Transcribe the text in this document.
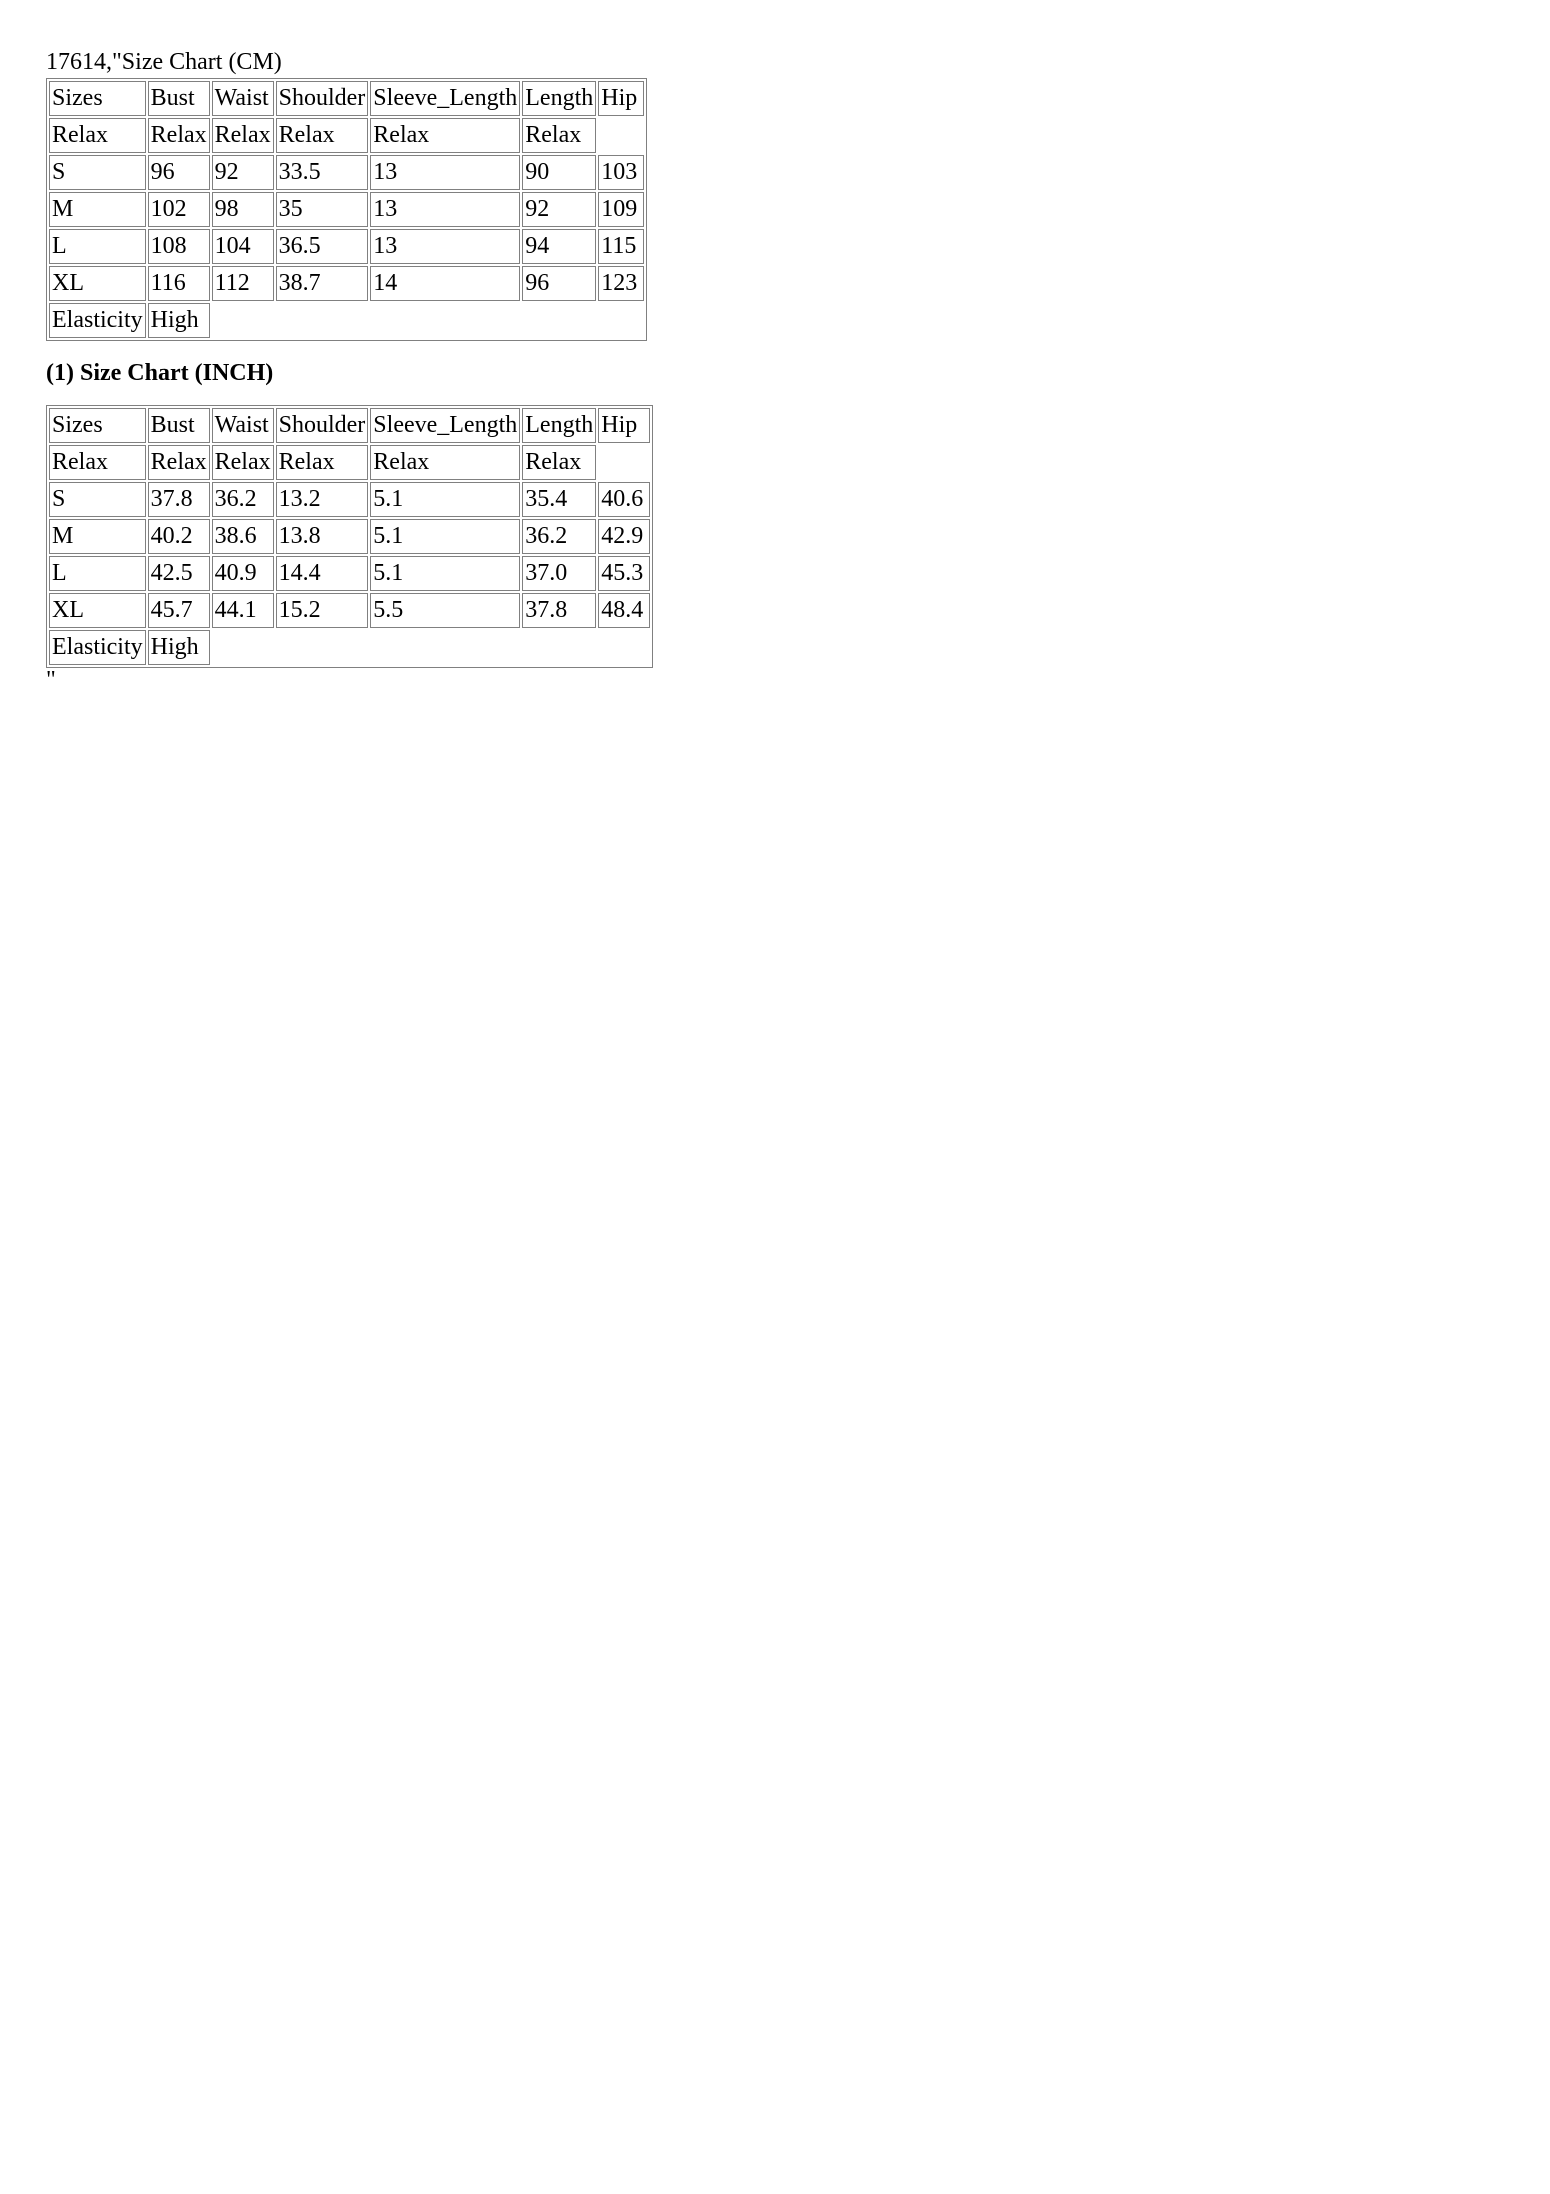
17614,"Size Chart (CM)
Sizes	Bust	Waist	Shoulder	Sleeve_Length	Length	Hip
Relax	Relax	Relax	Relax	Relax	Relax	
S	96	92	33.5	13	90	103
M	102	98	35	13	92	109
L	108	104	36.5	13	94	115
XL	116	112	38.7	14	96	123
Elasticity	High					
(1) Size Chart (INCH)
Sizes	Bust	Waist	Shoulder	Sleeve_Length	Length	Hip
Relax	Relax	Relax	Relax	Relax	Relax	
S	37.8	36.2	13.2	5.1	35.4	40.6
M	40.2	38.6	13.8	5.1	36.2	42.9
L	42.5	40.9	14.4	5.1	37.0	45.3
XL	45.7	44.1	15.2	5.5	37.8	48.4
Elasticity	High					
"
